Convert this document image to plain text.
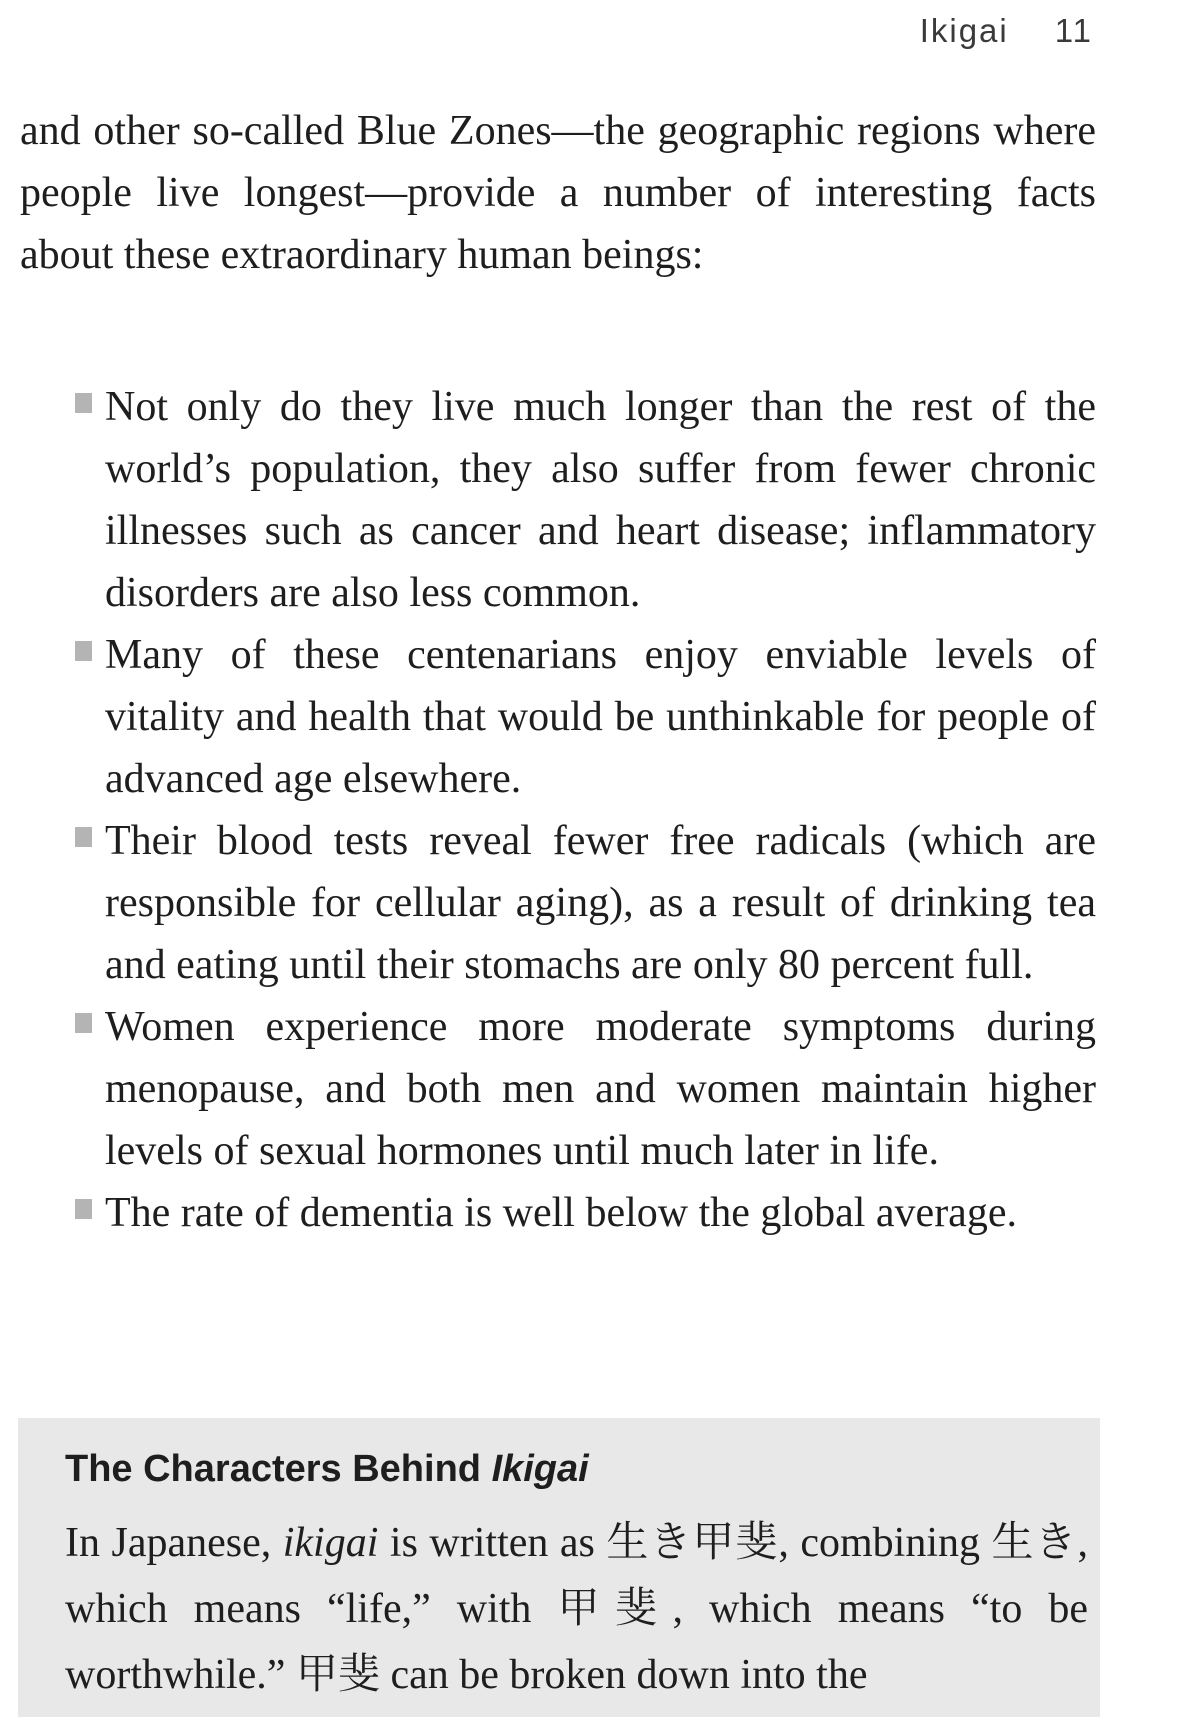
Ikigai 11

and other so-called Blue Zones—the geographic regions where people live longest—provide a number of interesting facts about these extraordinary human beings:

Not only do they live much longer than the rest of the world’s population, they also suffer from fewer chronic illnesses such as cancer and heart disease; inflammatory disorders are also less common.
Many of these centenarians enjoy enviable levels of vitality and health that would be unthinkable for people of advanced age elsewhere.
Their blood tests reveal fewer free radicals (which are responsible for cellular aging), as a result of drinking tea and eating until their stomachs are only 80 percent full.
Women experience more moderate symptoms during menopause, and both men and women maintain higher levels of sexual hormones until much later in life.
The rate of dementia is well below the global average.
The Characters Behind Ikigai
In Japanese, ikigai is written as 生き甲斐, combining 生き, which means “life,” with 甲斐, which means “to be worthwhile.” 甲斐 can be broken down into the
